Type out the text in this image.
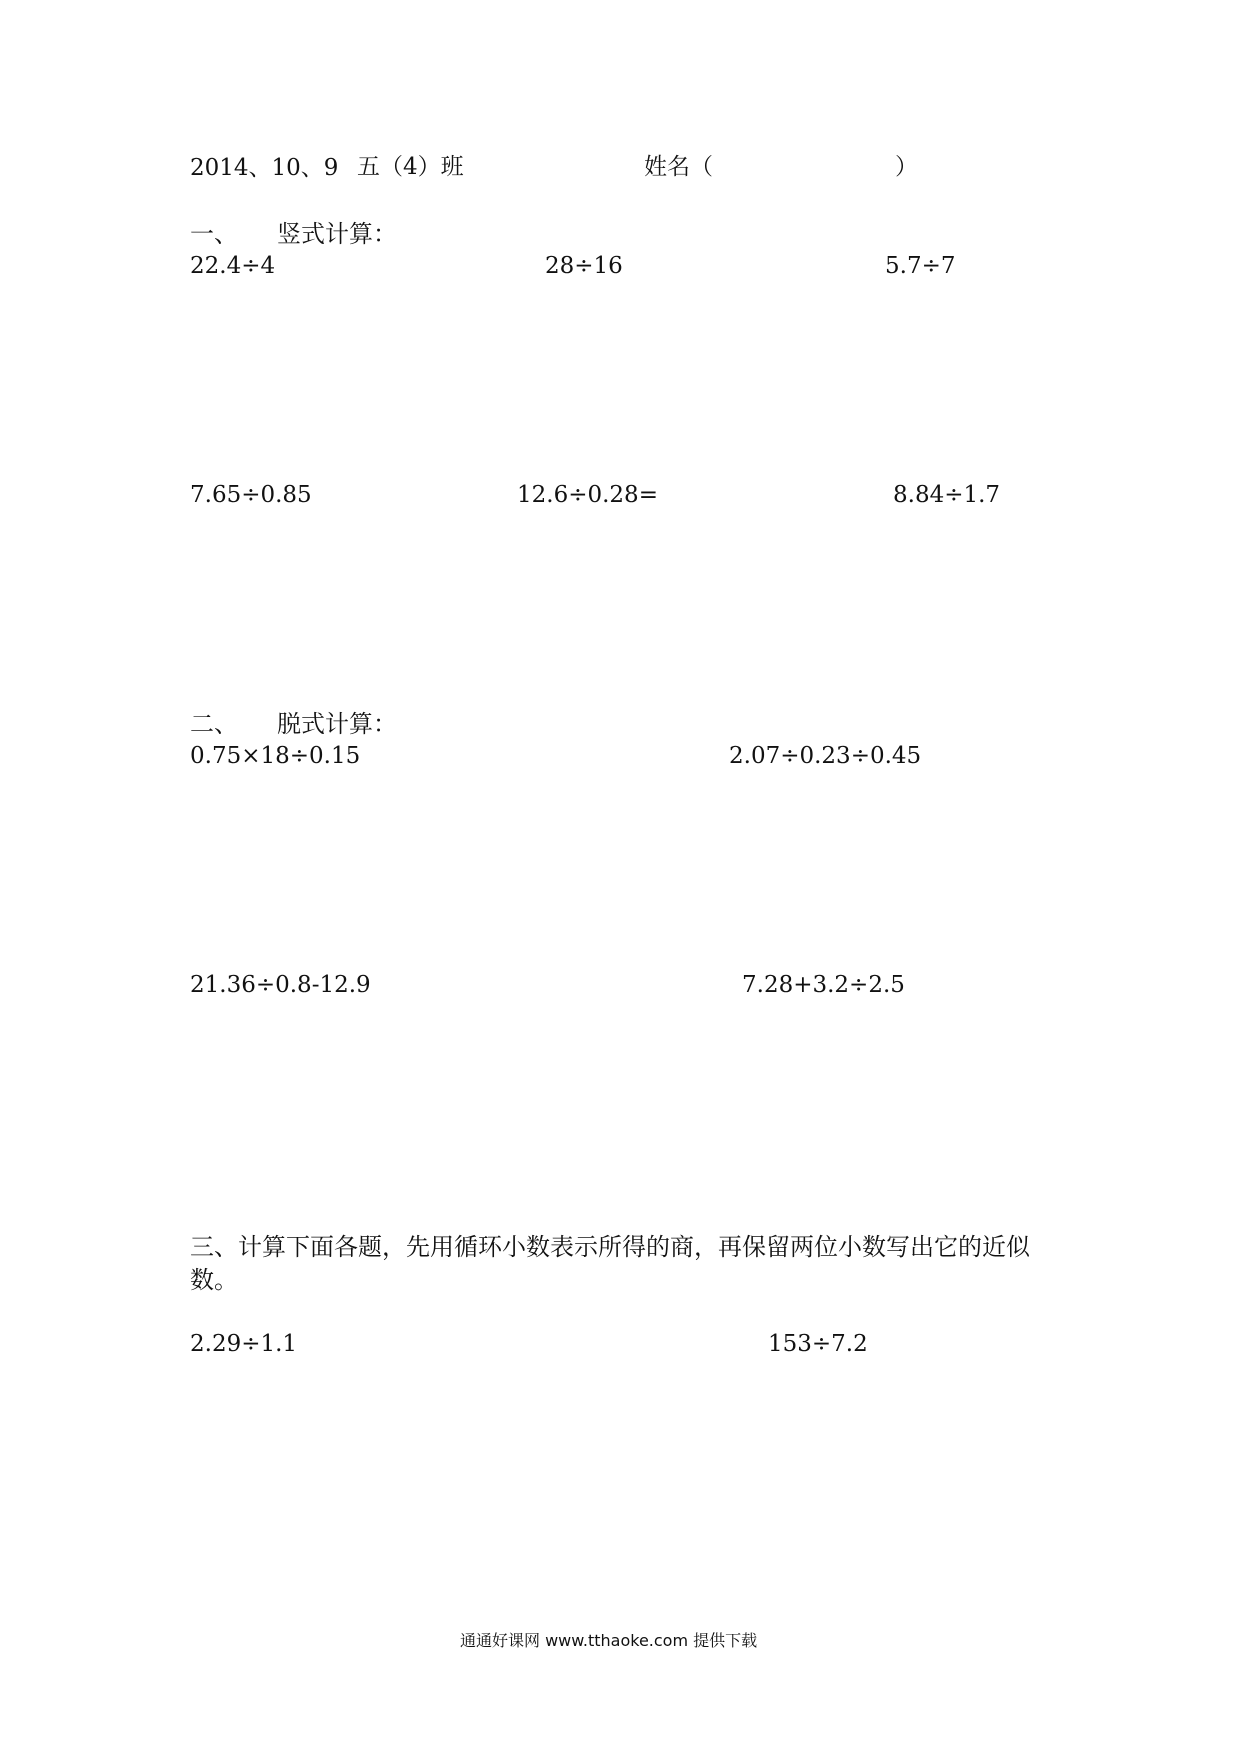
2014、10、9 五（4）班	姓名（	）
一、 竖式计算：
22.4÷4	28÷16	5.7÷7
7.65÷0.85	12.6÷0.28=	8.84÷1.7
二、 脱式计算：
0.75×18÷0.15	2.07÷0.23÷0.45
21.36÷0.8-12.9	7.28+3.2÷2.5
三、计算下面各题，先用循环小数表示所得的商，再保留两位小数写出它的近似
数。
2.29÷1.1	153÷7.2
通通好课网 www.tthaoke.com 提供下载
